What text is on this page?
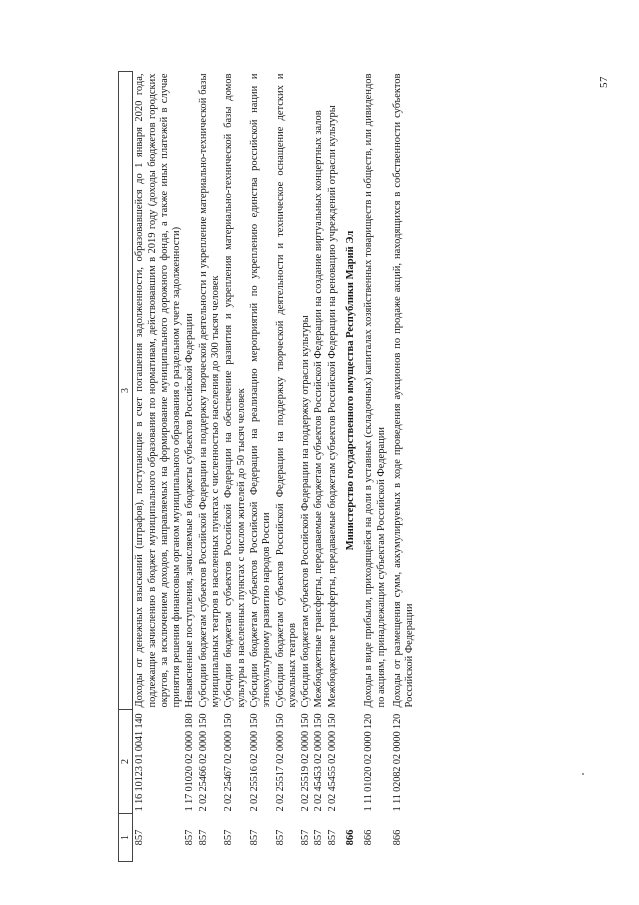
57
1	2	3
857	1 16 10123 01 0041 140	Доходы от денежных взысканий (штрафов), поступающие в счет погашения задолженности, образовавшейся до 1 января 2020 года, подлежащие зачислению в бюджет муниципального образования по нормативам, действовавшим в 2019 году (доходы бюджетов городских округов, за исключением доходов, направляемых на формирование муниципального дорожного фонда, а также иных платежей в случае принятия решения финансовым органом муниципального образования о раздельном учете задолженности)
857	1 17 01020 02 0000 180	Невыясненные поступления, зачисляемые в бюджеты субъектов Российской Федерации
857	2 02 25466 02 0000 150	Субсидии бюджетам субъектов Российской Федерации на поддержку творческой деятельности и укрепление материально-технической базы муниципальных театров в населенных пунктах с численностью населения до 300 тысяч человек
857	2 02 25467 02 0000 150	Субсидии бюджетам субъектов Российской Федерации на обеспечение развития и укрепления материально-технической базы домов культуры в населенных пунктах с числом жителей до 50 тысяч человек
857	2 02 25516 02 0000 150	Субсидии бюджетам субъектов Российской Федерации на реализацию мероприятий по укреплению единства российской нации и этнокультурному развитию народов России
857	2 02 25517 02 0000 150	Субсидии бюджетам субъектов Российской Федерации на поддержку творческой деятельности и техническое оснащение детских и кукольных театров
857	2 02 25519 02 0000 150	Субсидии бюджетам субъектов Российской Федерации на поддержку отрасли культуры
857	2 02 45453 02 0000 150	Межбюджетные трансферты, передаваемые бюджетам субъектов Российской Федерации на создание виртуальных концертных залов
857	2 02 45455 02 0000 150	Межбюджетные трансферты, передаваемые бюджетам субъектов Российской Федерации на реновацию учреждений отрасли культуры
866		Министерство государственного имущества Республики Марий Эл
866	1 11 01020 02 0000 120	Доходы в виде прибыли, приходящейся на доли в уставных (складочных) капиталах хозяйственных товариществ и обществ, или дивидендов по акциям, принадлежащим субъектам Российской Федерации
866	1 11 02082 02 0000 120	Доходы от размещения сумм, аккумулируемых в ходе проведения аукционов по продаже акций, находящихся в собственности субъектов Российской Федерации
